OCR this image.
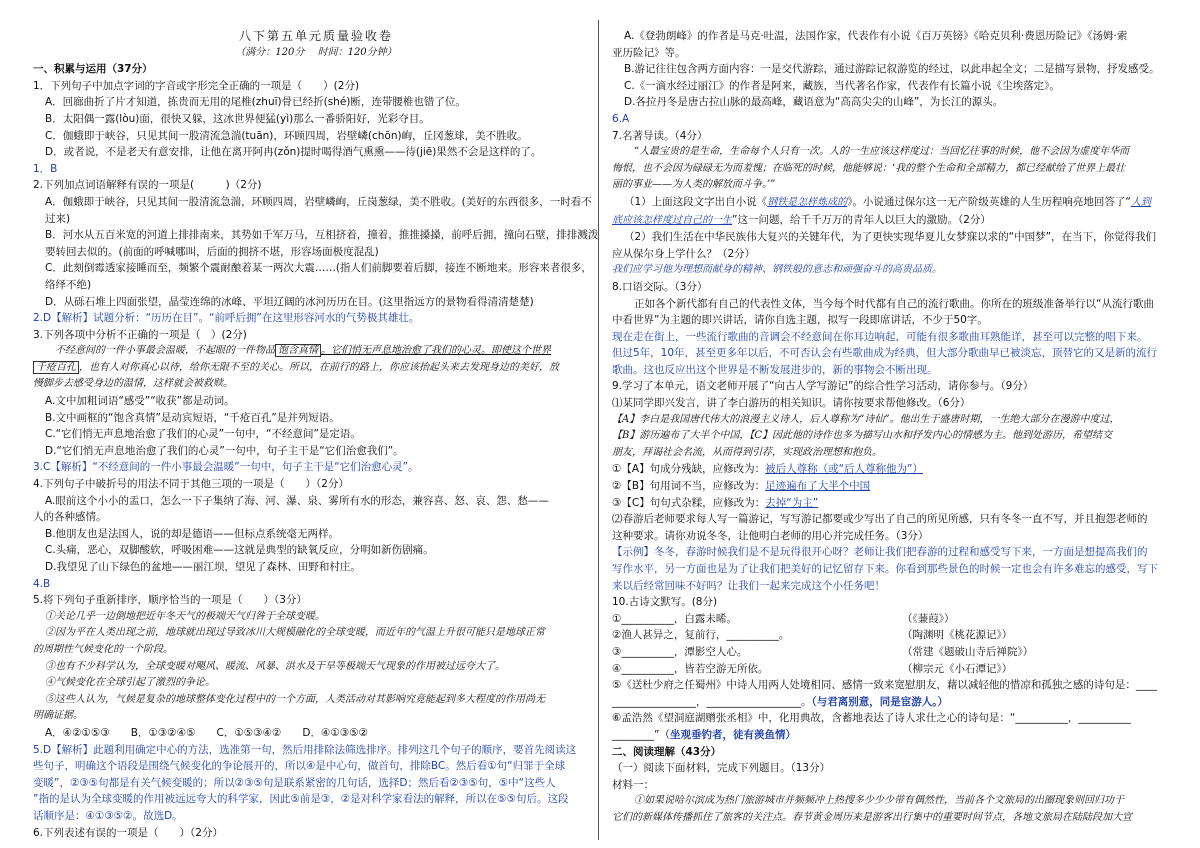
八下第五单元质量验收卷
（满分：120分　 时间：120分钟）
一、积累与运用（37分）
1．下列句子中加点字词的字音或字形完全正确的一项是（　　）(2分)
A．回廊曲折了片才知道，拣贵而无用的尾椎(zhuī)骨已经折(shé)断，连带腰椎也错了位。
B．太阳偶一露(lòu)面，很快又躲，这冰世界便猛(yì)那么一番骄阳好，光彩夺目。
C．伽蛾即于峡谷，只见其间一股清流急湍(tuān)，环顾四周，岩壁嶙(chōn)峋，丘冈葱球，美不胜收。
D．或者说，不是老天有意安排，让他在离开阿冉(zǒn)提时喝得酒气熏熏——待(jiē)果然不会是这样的了。
1．B
2.下列加点词语解释有误的一项是(　　　)（2分)
A．伽蛾即于峡谷，只见其间一股清流急湍，环顾四周，岩壁嶙峋，丘岗葱绿，美不胜收。(美好的东西很多，一时看不过来)
B．河水从五百米宽的河道上排排南来，其势如千军万马，互相挤着，撞着，推推搡搡，前呼后拥，撞向石壁，排排溅泼要转回去似的。(前面的呼喊哪叫，后面的拥挤不堪，形容场面极度混乱)
C．此刻倒霉透家接睡而至，频繁个震耐酿着某一两次大震……(指人们前脚要着后脚，接连不断地来。形容来者很多，络绎不绝)
D．从砾石堆上四面张望，晶莹连绵的冰峰、平坦辽阔的冰河历历在目。(这里指远方的景物看得清清楚楚)
2.D【解析】试题分析：“历历在目”。“前呼后拥”在这里形容河水的气势极其雄壮。
3.下列各项中分析不正确的一项是（　）(2分)
不经意间的一件小事最会温暖，不起眼的一件物品 饱含真情 。它们悄无声息地治愈了我们的心灵。即使这个世界
千疮百孔 ，也有人对你真心以待，给你无限不至的关心。所以，在前行的路上，你应该抬起头来去发现身边的美好，放
慢脚步去感受身边的温情，这样就会被救赎。
A.文中加粗词语“感受”“收获”都是动词。
B.文中画框的“饱含真情”是动宾短语，“千疮百孔”是并列短语。
C.“它们悄无声息地治愈了我们的心灵”一句中，“不经意间”是定语。
D.“它们悄无声息地治愈了我们的心灵”一句中，句子主干是“它们治愈我们”。
3.C【解析】“不经意间的一件小事最会温暖”一句中，句子主干是“它们治愈心灵”。
4.下列句子中破折号的用法不同于其他三项的一项是（　　）（2分）
A.眼前这个小小的盂口，怎么一下子集纳了海、河、瀑、泉、雾所有水的形态，兼容喜、怒、哀、怨、愁——
人的各种感情。
B.他朋友也是法国人，说的却是德语——但标点系统毫无两样。
C.头痛，恶心，双脚酸软，呼吸困难——这就是典型的缺氧反应，分明如新伤剧痛。
D.我望见了山下绿色的盆地——丽江坝，望见了森林、田野和村庄。
4.B
5.将下列句子重新排序，顺序恰当的一项是（　　）（3分）
①关论几乎一边倒地把近年冬天气的极端天气归咎于全球变暖。
②因为平在人类出现之前，地球就出现过导致冰川大规模融化的全球变暖，而近年的气温上升很可能只是地球正常
的周期性气候变化的一个阶段。
③也有不少科学认为，全球变暖对飓风、暖流、风暴、洪水及干旱等极端天气现象的作用被过远夸大了。
④气候变化在全球引起了激烈的争论。
⑤这些人认为，气候是复杂的地球整体变化过程中的一个方面，人类活动对其影响究竟能起到多大程度的作用尚无
明确证据。
A．④②①⑤③　　B．①③②④⑤　　C．①⑤③④②　　D．④①③⑤②
5.D【解析】此题利用确定中心的方法，选准第一句，然后用排除法筛选排序。排列这几个句子的顺序，要首先阅读这
些句子，明确这个语段是围绕气候变化的争论展开的，所以④是中心句，做首句，排除BC。然后看①句“归罪于全球
变暖”，②③⑤句都是有关气候变暖的；所以②③⑤句是联系紧密的几句话，选择D；然后看②③⑤句，⑤中“这些人
”指的是认为全球变暖的作用被远远夸大的科学家，因此⑤前是③，②是对科学家看法的解释，所以在⑤⑤句后。这段
话顺序是：④①③⑤②。故选D。
6.下列表述有误的一项是（　　）（2分）
A.《登勃朗峰》的作者是马克·吐温，法国作家，代表作有小说《百万英镑》《哈克贝利·费恩历险记》《汤姆·索
亚历险记》等。
B.游记往往包含两方面内容：一是交代游踪，通过游踪记叙游览的经过，以此串起全文；二是描写景物，抒发感受。
C.《一滴水经过丽江》的作者是阿来，藏族，当代著名作家，代表作有长篇小说《尘埃落定》。
D.各拉丹冬是唐古拉山脉的最高峰，藏语意为“高高尖尖的山峰”，为长江的源头。
6.A
7.名著导读。（4分）
“人最宝贵的是生命，生命每个人只有一次。人的一生应该这样度过：当回忆往事的时候，他不会因为虚度年华而
悔恨，也不会因为碌碌无为而羞愧；在临死的时候，他能够说：‘我的整个生命和全部精力，都已经献给了世界上最壮
丽的事业——为人类的解放而斗争。’”
（1）上面这段文字出自小说《钢铁是怎样炼成的》。小说通过保尔这一无产阶级英雄的人生历程响亮地回答了“人到
底应该怎样度过自己的一生”这一问题，给千千万万的青年人以巨大的激励。（2分）
（2）我们生活在中华民族伟大复兴的关键年代，为了更快实现华夏儿女梦寐以求的“中国梦”，在当下，你觉得我们
应从保尔身上学什么？（2分）
我们应学习他为理想而献身的精神、钢铁般的意志和顽强奋斗的高贵品质。
8.口语交际。（3分）
正如各个新代都有自己的代表性文体，当今每个时代都有自己的流行歌曲。你所在的班级准备举行以“从流行歌曲
中看世界”为主题的即兴讲话，请你自选主题，拟写一段即席讲话，不少于50字。
现在走在街上，一些流行歌曲的音调会不经意间在你耳边响起，可能有很多歌曲耳熟能详，甚至可以完整的唱下来。
但过5年，10年，甚至更多年以后，不可否认会有些歌曲成为经典，但大部分歌曲早已被淡忘，顶替它的又是新的流行
歌曲。这也反应出这个世界是不断发展进步的，新的事物会不断出现。
9.学习了本单元，语文老师开展了“向古人学写游记”的综合性学习活动，请你参与。（9分）
⑴某同学即兴发言，讲了李白游历的相关知识。请你按要求帮他修改。（6分）
【A】李白是我国唐代伟大的浪漫主义诗人，后人尊称为“诗仙”。他出生于盛唐时期，一生绝大部分在漫游中度过，
【B】游历遍布了大半个中国，【C】因此他的诗作也多为描写山水和抒发内心的情感为主。他到处游历，希望结交
朋友，拜谒社会名流，从而得到引荐，实现政治理想和抱负。
①【A】句成分残缺，应修改为：被后人尊称（或“后人尊称他为”）
②【B】句用词不当，应修改为：足迹遍布了大半个中国
③【C】句句式杂糅，应修改为：去掉“为主”
⑵春游后老师要求每人写一篇游记，写写游记都要或少写出了自己的所见所感，只有冬冬一直不写，并且抱怨老师的
这种要求。请你劝说冬冬，让他明白老师的用心并完成任务。（3分）
【示例】冬冬，春游时候我们是不是玩得很开心呀？老师让我们把春游的过程和感受写下来，一方面是想提高我们的
写作水平，另一方面也是为了让我们把美好的记忆留存下来。你看到那些景色的时候一定也会有许多难忘的感受，写下
来以后经常回味不好吗？让我们一起来完成这个小任务吧！
10.古诗文默写。(8分)
①__________，白露未晞。	（《蒹葭》）
②渔人甚异之，复前行，__________。	（陶渊明《桃花源记》）
③__________，潭影空人心。	（常建《题破山寺后禅院》）
④__________，皆若空游无所依。	（柳宗元《小石潭记》）
⑤《送杜少府之任蜀州》中诗人用两人处境相同、感情一致来宽慰朋友，藉以减轻他的惜凉和孤独之感的诗句是：____
________________，__________________。（与君离别意，同是宦游人。）
⑥孟浩然《望洞庭湖赠张丞相》中，化用典故，含蓄地表达了诗人求仕之心的诗句是：“__________，__________
________”（坐观垂钓者，徒有羡鱼情）
二、阅读理解（43分）
（一）阅读下面材料，完成下列题目。（13分）
材料一：
①如果说哈尔滨成为热门旅游城市并频频冲上热搜多少少少带有偶然性，当前各个文旅局的出圈现象则回归功于
它们的新媒体传播抓住了旅客的关注点。春节黄金周历来是游客出行集中的重要时间节点，各地文旅局在陆陆段加大宣
